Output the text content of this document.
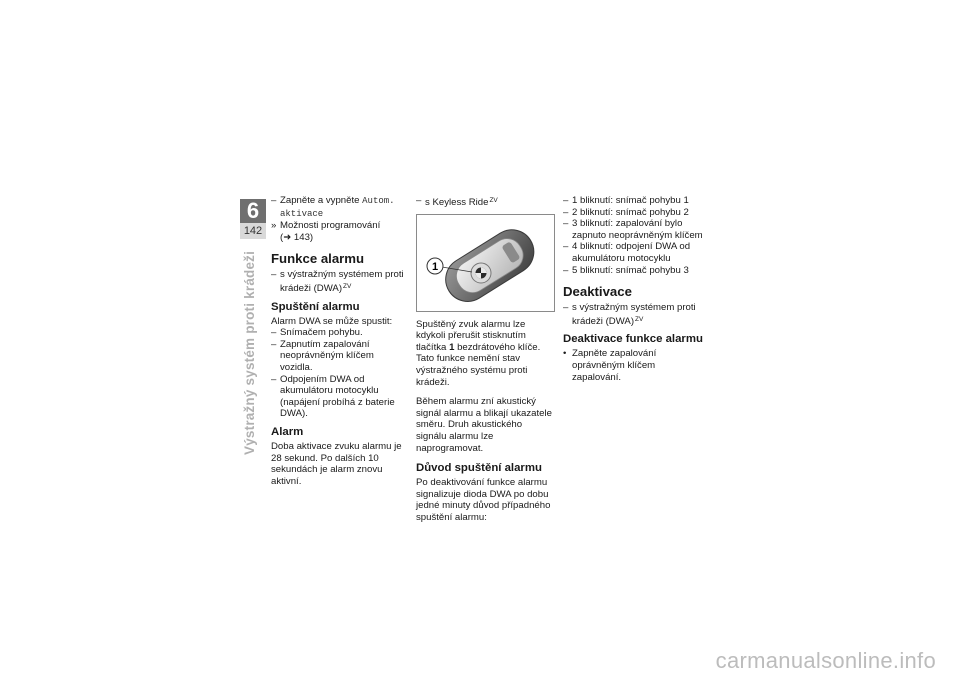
6
142
Výstražný systém proti krádeži
– Zapněte a vypněte Autom.
aktivace
» Možnosti programování
(➜ 143)
Funkce alarmu
– s výstražným systémem proti krádeži (DWA)$^{ZV}$
Spuštění alarmu
Alarm DWA se může spustit:
– Snímačem pohybu.
– Zapnutím zapalování neoprávněným klíčem vozidla.
– Odpojením DWA od akumulátoru motocyklu (napájení probíhá z baterie DWA).
Alarm
Doba aktivace zvuku alarmu je 28 sekund. Po dalších 10 sekundách je alarm znovu aktivní.
– s Keyless Ride$^{ZV}$
1
Spuštěný zvuk alarmu lze kdykoli přerušit stisknutím tlačítka 1 bezdrátového klíče. Tato funkce nemění stav výstražného systému proti krádeži.
Během alarmu zní akustický signál alarmu a blikají ukazatele směru. Druh akustického signálu alarmu lze naprogramovat.
Důvod spuštění alarmu
Po deaktivování funkce alarmu signalizuje dioda DWA po dobu jedné minuty důvod případného spuštění alarmu:
– 1 bliknutí: snímač pohybu 1
– 2 bliknutí: snímač pohybu 2
– 3 bliknutí: zapalování bylo zapnuto neoprávněným klíčem
– 4 bliknutí: odpojení DWA od akumulátoru motocyklu
– 5 bliknutí: snímač pohybu 3
Deaktivace
– s výstražným systémem proti krádeži (DWA)$^{ZV}$
Deaktivace funkce alarmu
• Zapněte zapalování oprávněným klíčem zapalování.
carmanualsonline.info
